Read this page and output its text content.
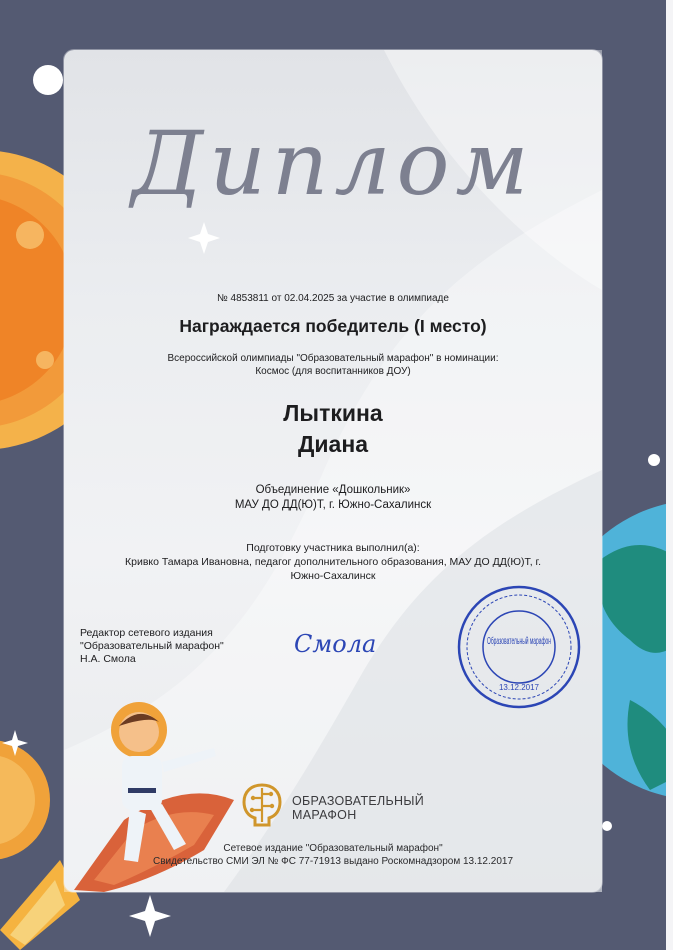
Диплом
№ 4853811 от 02.04.2025 за участие в олимпиаде
Награждается победитель (I место)
Всероссийской олимпиады "Образовательный марафон" в номинации:
Космос (для воспитанников ДОУ)
Лыткина
Диана
Объединение «Дошкольник»
МАУ ДО ДД(Ю)Т, г. Южно-Сахалинск
Подготовку участника выполнил(а):
Кривко Тамара Ивановна, педагог дополнительного образования, МАУ ДО ДД(Ю)Т, г.
Южно-Сахалинск
Редактор сетевого издания
"Образовательный марафон"
Н.А. Смола
Смола	Образовательный марафон
13.12.2017
ОБРАЗОВАТЕЛЬНЫЙ
МАРАФОН
Сетевое издание "Образовательный марафон"
Свидетельство СМИ ЭЛ № ФС 77-71913 выдано Роскомнадзором 13.12.2017
